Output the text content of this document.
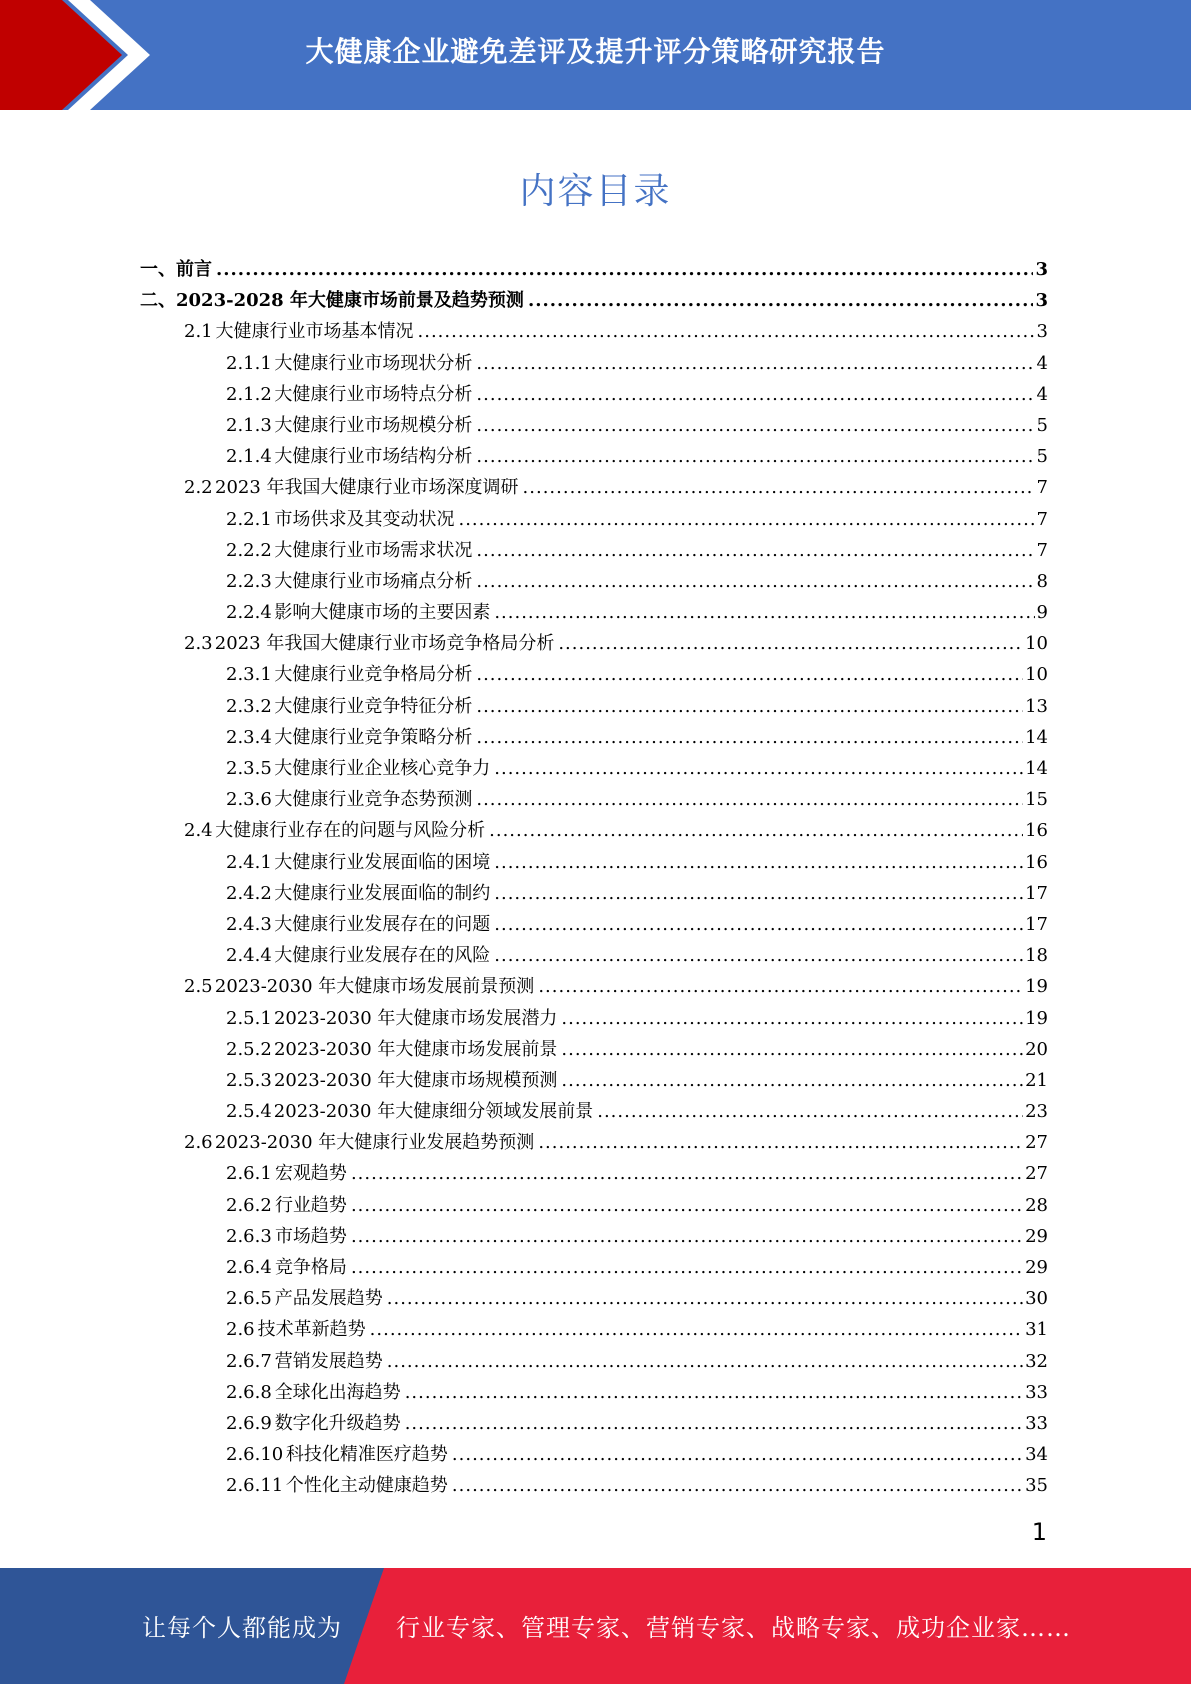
大健康企业避免差评及提升评分策略研究报告
内容目录
一、 前言 .....	3
二、 2023-2028 年大健康市场前景及趋势预测 .....	3
2.1 大健康行业市场基本情况 .....	3
2.1.1 大健康行业市场现状分析 .....	4
2.1.2 大健康行业市场特点分析 .....	4
2.1.3 大健康行业市场规模分析 .....	5
2.1.4 大健康行业市场结构分析 .....	5
2.2 2023 年我国大健康行业市场深度调研 .....	7
2.2.1 市场供求及其变动状况 .....	7
2.2.2 大健康行业市场需求状况 .....	7
2.2.3 大健康行业市场痛点分析 .....	8
2.2.4 影响大健康市场的主要因素 .....	9
2.3 2023 年我国大健康行业市场竞争格局分析 .....	10
2.3.1 大健康行业竞争格局分析 .....	10
2.3.2 大健康行业竞争特征分析 .....	13
2.3.4 大健康行业竞争策略分析 .....	14
2.3.5 大健康行业企业核心竞争力 .....	14
2.3.6 大健康行业竞争态势预测 .....	15
2.4 大健康行业存在的问题与风险分析 .....	16
2.4.1 大健康行业发展面临的困境 .....	16
2.4.2 大健康行业发展面临的制约 .....	17
2.4.3 大健康行业发展存在的问题 .....	17
2.4.4 大健康行业发展存在的风险 .....	18
2.5 2023-2030 年大健康市场发展前景预测 .....	19
2.5.1 2023-2030 年大健康市场发展潜力 .....	19
2.5.2 2023-2030 年大健康市场发展前景 .....	20
2.5.3 2023-2030 年大健康市场规模预测 .....	21
2.5.4 2023-2030 年大健康细分领域发展前景 .....	23
2.6 2023-2030 年大健康行业发展趋势预测 .....	27
2.6.1 宏观趋势 .....	27
2.6.2 行业趋势 .....	28
2.6.3 市场趋势 .....	29
2.6.4 竞争格局 .....	29
2.6.5 产品发展趋势 .....	30
2.6 技术革新趋势 .....	31
2.6.7 营销发展趋势 .....	32
2.6.8 全球化出海趋势 .....	33
2.6.9 数字化升级趋势 .....	33
2.6.10 科技化精准医疗趋势 .....	34
2.6.11 个性化主动健康趋势 .....	35
1
让每个人都能成为 行业专家、管理专家、营销专家、战略专家、成功企业家……
